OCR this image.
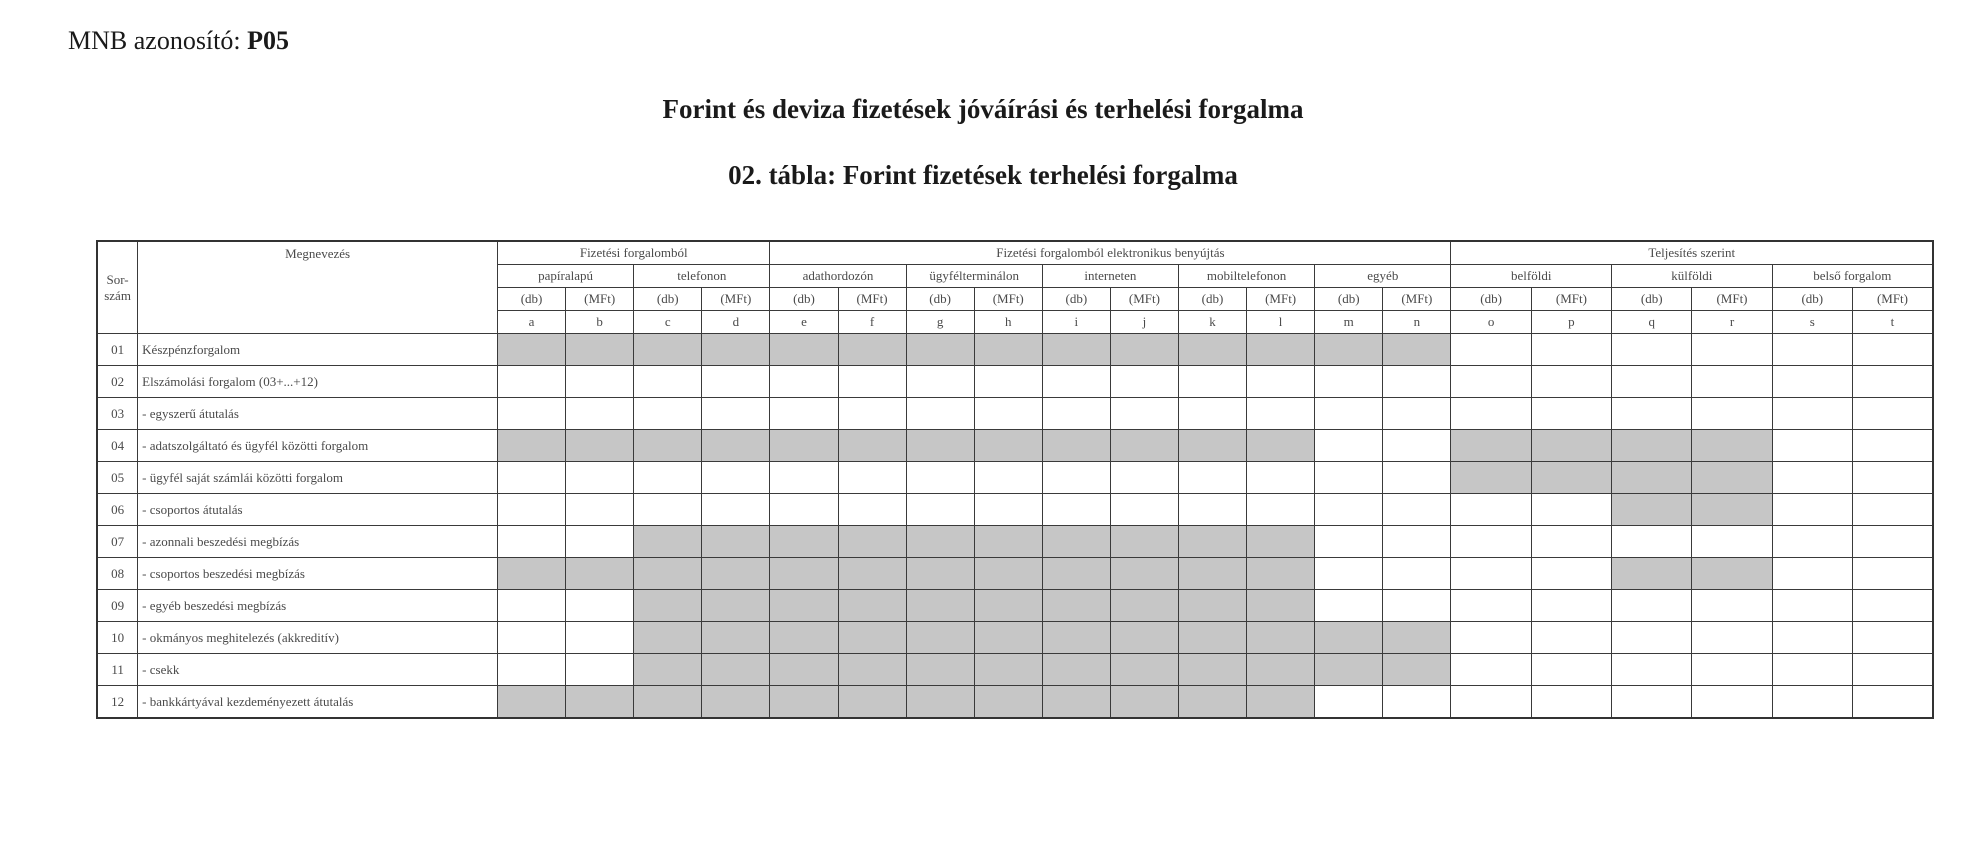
MNB azonosító: P05
Forint és deviza fizetések jóváírási és terhelési forgalma
02. tábla: Forint fizetések terhelési forgalma
Sor-
szám	Megnevezés	Fizetési forgalomból				Fizetési forgalomból elektronikus benyújtás										Teljesítés szerint					
		papíralapú		telefonon		adathordozón		ügyfélterminálon		interneten		mobiltelefonon		egyéb		belföldi		külföldi		belső forgalom	
		(db)	(MFt)	(db)	(MFt)	(db)	(MFt)	(db)	(MFt)	(db)	(MFt)	(db)	(MFt)	(db)	(MFt)	(db)	(MFt)	(db)	(MFt)	(db)	(MFt)
		a	b	c	d	e	f	g	h	i	j	k	l	m	n	o	p	q	r	s	t
01	Készpénzforgalom																				
02	Elszámolási forgalom (03+...+12)																				
03	- egyszerű átutalás																				
04	- adatszolgáltató és ügyfél közötti forgalom																				
05	- ügyfél saját számlái közötti forgalom																				
06	- csoportos átutalás																				
07	- azonnali beszedési megbízás																				
08	- csoportos beszedési megbízás																				
09	- egyéb beszedési megbízás																				
10	- okmányos meghitelezés (akkreditív)																				
11	- csekk																				
12	- bankkártyával kezdeményezett átutalás																				
